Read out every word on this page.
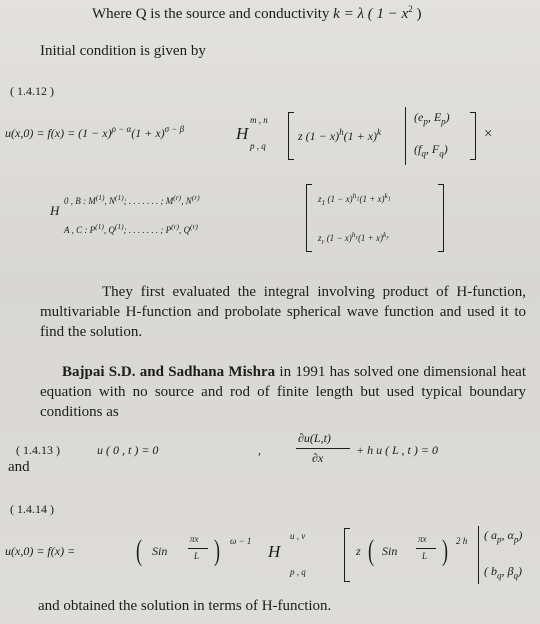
Where Q is the source and conductivity k = λ ( $1 - x^2$ )
Initial condition is given by
( 1.4.12 )
$u(x,0) = f(x) = (1 - x)^{\rho - \alpha}(1 + x)^{\sigma - \beta}$	H
m , n
p , q
z $(1 - x)^h(1 + x)^k$
($e_p$, $E_p$)
($f_q$, $F_q$)
×
H
0 , B : $M^{(1)}$, $N^{(1)}$; . . . . . . . ; $M^{(r)}$, $N^{(r)}$
A , C : $P^{(1)}$, $Q^{(1)}$; . . . . . . . ; $P^{(r)}$, $Q^{(r)}$
$z_1$ $(1 - x)^{h_1}(1 + x)^{k_1}$
$z_r$ $(1 - x)^{h_r}(1 + x)^{k_r}$
They first evaluated the integral involving product of H-function, multivariable H-function and probolate spherical wave function and used it to find the solution.
Bajpai S.D. and Sadhana Mishra in 1991 has solved one dimensional heat equation with no source and rod of finite length but used typical boundary conditions as
( 1.4.13 )	u ( 0 , t ) = 0	,
∂u(L,t)
∂x
+ h u ( L , t ) = 0
and
( 1.4.14 )
u(x,0) = f(x) = ( Sin
πx
L ) ω − 1
H
u , v
p , q
z ( Sin
πx
L ) 2 h ( $a_p$, $\alpha_p$)
( $b_q$, $\beta_q$)
and obtained the solution in terms of H-function.
